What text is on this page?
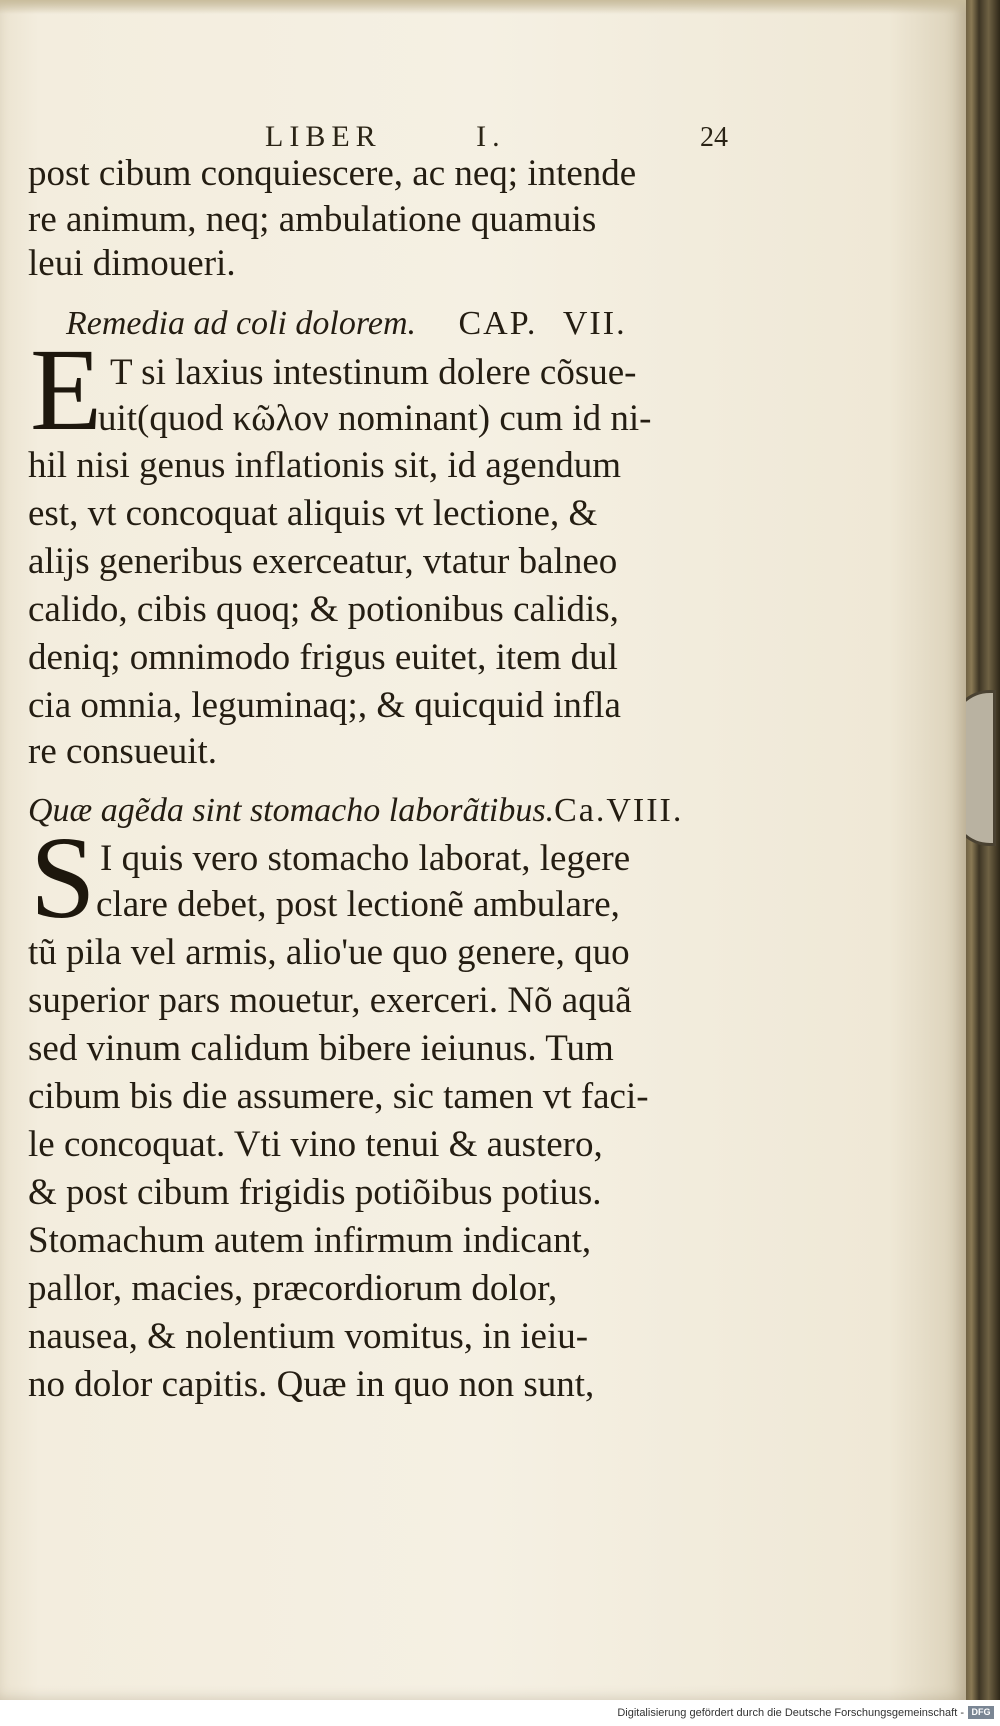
LIBER	I.	24
post cibum conquiescere, ac neq; intende
re animum, neq; ambulatione quamuis
leui dimoueri.
Remedia ad coli dolorem. CAP. VII.
E T si laxius intestinum dolere cõsue-
uit(quod κῶλον nominant) cum id ni-
hil nisi genus inflationis sit, id agendum
est, vt concoquat aliquis vt lectione, &
alijs generibus exerceatur, vtatur balneo
calido, cibis quoq; & potionibus calidis,
deniq; omnimodo frigus euitet, item dul
cia omnia, leguminaq;, & quicquid infla
re consueuit.
Quæ agẽda sint stomacho laborãtibus.Ca.VIII.
S I quis vero stomacho laborat, legere
clare debet, post lectionẽ ambulare,
tũ pila vel armis, alio'ue quo genere, quo
superior pars mouetur, exerceri. Nõ aquã
sed vinum calidum bibere ieiunus. Tum
cibum bis die assumere, sic tamen vt faci-
le concoquat. Vti vino tenui & austero,
& post cibum frigidis potiõibus potius.
Stomachum autem infirmum indicant,
pallor, macies, præcordiorum dolor,
nausea, & nolentium vomitus, in ieiu-
no dolor capitis. Quæ in quo non sunt,
Digitalisierung gefördert durch die Deutsche Forschungsgemeinschaft - DFG
